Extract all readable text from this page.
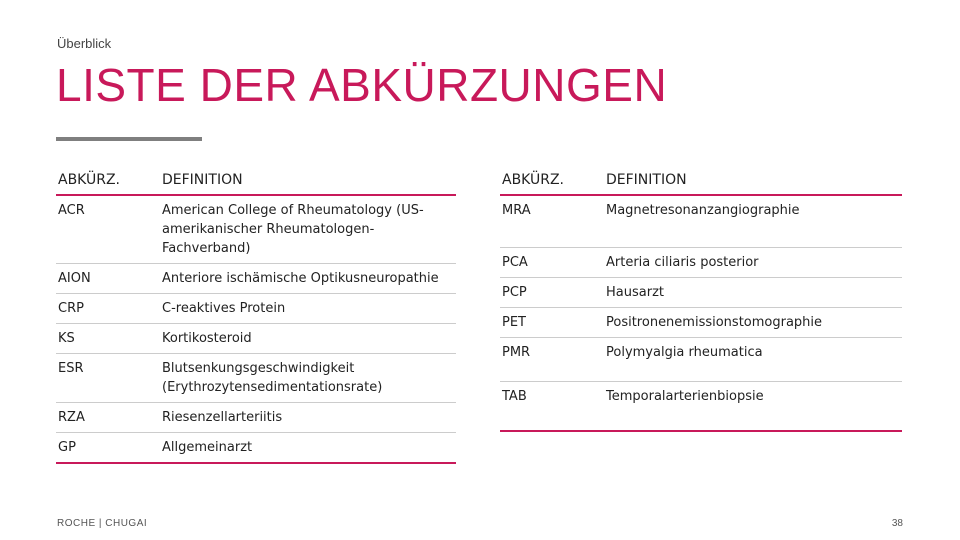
Überblick
LISTE DER ABKÜRZUNGEN
ABKÜRZ.	DEFINITION
ACR	American College of Rheumatology (US-amerikanischer Rheumatologen-Fachverband)
AION	Anteriore ischämische Optikusneuropathie
CRP	C-reaktives Protein
KS	Kortikosteroid
ESR	Blutsenkungsgeschwindigkeit (Erythrozytensedimentationsrate)
RZA	Riesenzellarteriitis
GP	Allgemeinarzt
ABKÜRZ.	DEFINITION
MRA	Magnetresonanzangiographie
PCA	Arteria ciliaris posterior
PCP	Hausarzt
PET	Positronenemissionstomographie
PMR	Polymyalgia rheumatica
TAB	Temporalarterienbiopsie
ROCHE | CHUGAI	38
